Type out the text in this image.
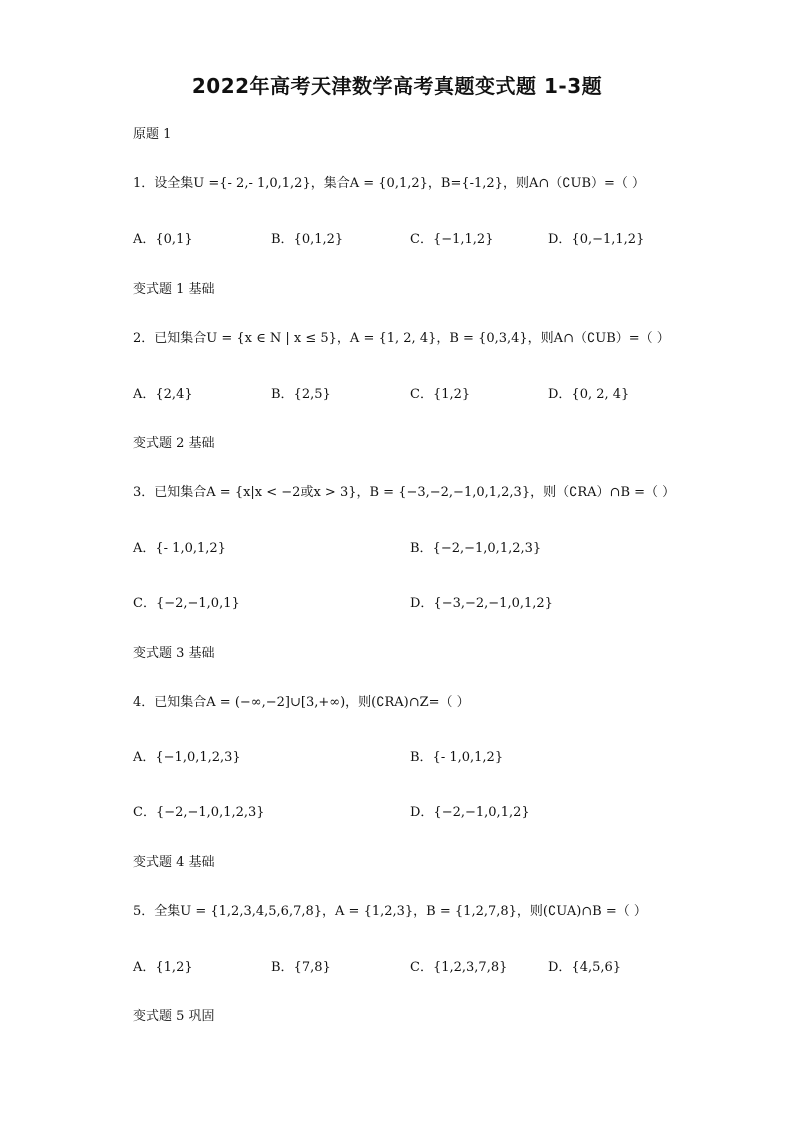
2022年高考天津数学高考真题变式题 1-3题
原题 1
1．设全集U ={- 2,- 1,0,1,2}，集合A = {0,1,2}，B={-1,2}，则A∩（∁UB）=（ ）
A．{0,1}	B．{0,1,2}	C．{−1,1,2}	D．{0,−1,1,2}
变式题 1 基础
2．已知集合U = {x ∈ N | x ≤ 5}，A = {1, 2, 4}，B = {0,3,4}，则A∩（∁UB）=（ ）
A．{2,4}	B．{2,5}	C．{1,2}	D．{0, 2, 4}
变式题 2 基础
3．已知集合A = {x|x < −2或x > 3}，B = {−3,−2,−1,0,1,2,3}，则（∁RA）∩B =（ ）
A．{- 1,0,1,2}	B．{−2,−1,0,1,2,3}
C．{−2,−1,0,1}	D．{−3,−2,−1,0,1,2}
变式题 3 基础
4．已知集合A = (−∞,−2]∪[3,+∞)，则(∁RA)∩Z=（ ）
A．{−1,0,1,2,3}	B．{- 1,0,1,2}
C．{−2,−1,0,1,2,3}	D．{−2,−1,0,1,2}
变式题 4 基础
5．全集U = {1,2,3,4,5,6,7,8}，A = {1,2,3}，B = {1,2,7,8}，则(∁UA)∩B =（ ）
A．{1,2}	B．{7,8}	C．{1,2,3,7,8}	D．{4,5,6}
变式题 5 巩固
